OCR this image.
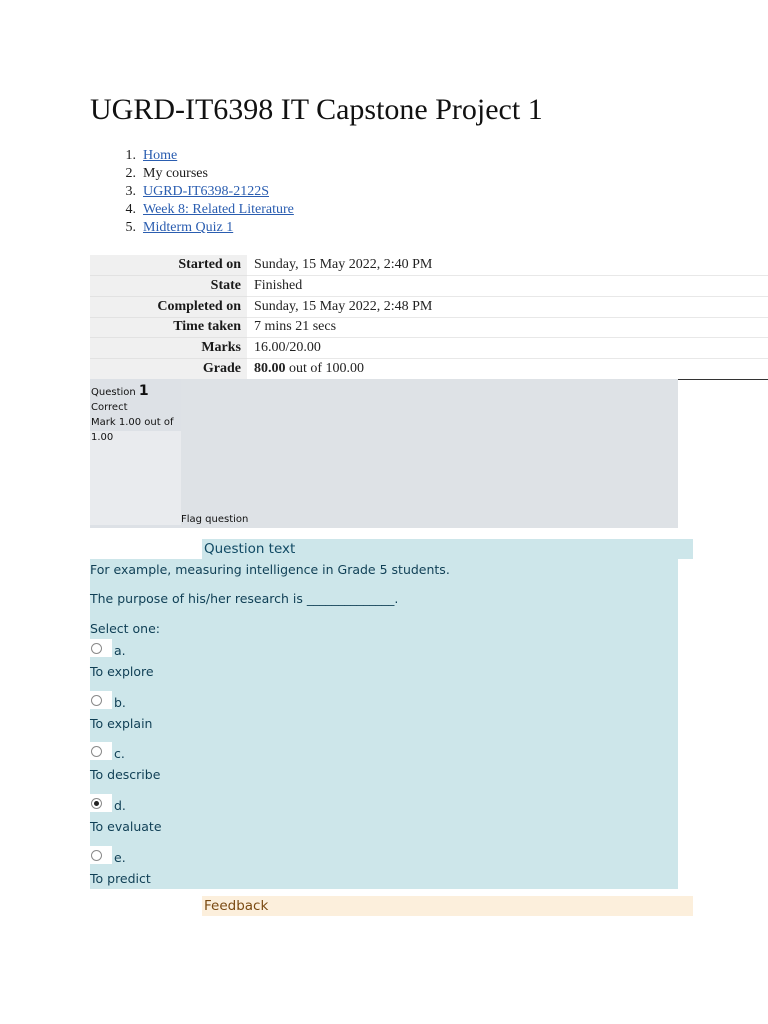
UGRD-IT6398 IT Capstone Project 1
1.
Home
2.
My courses
3.
UGRD-IT6398-2122S
4.
Week 8: Related Literature
5.
Midterm Quiz 1
Started on	Sunday, 15 May 2022, 2:40 PM
State	Finished
Completed on	Sunday, 15 May 2022, 2:48 PM
Time taken	7 mins 21 secs
Marks	16.00/20.00
Grade	80.00 out of 100.00
Question 1
Correct
Mark 1.00 out of 1.00
Flag question
Question text

For example, measuring intelligence in Grade 5 students.

The purpose of his/her research is ______________.

Select one:

a.
To explore
b.
To explain
c.
To describe
d.
To evaluate
e.
To predict
Feedback
